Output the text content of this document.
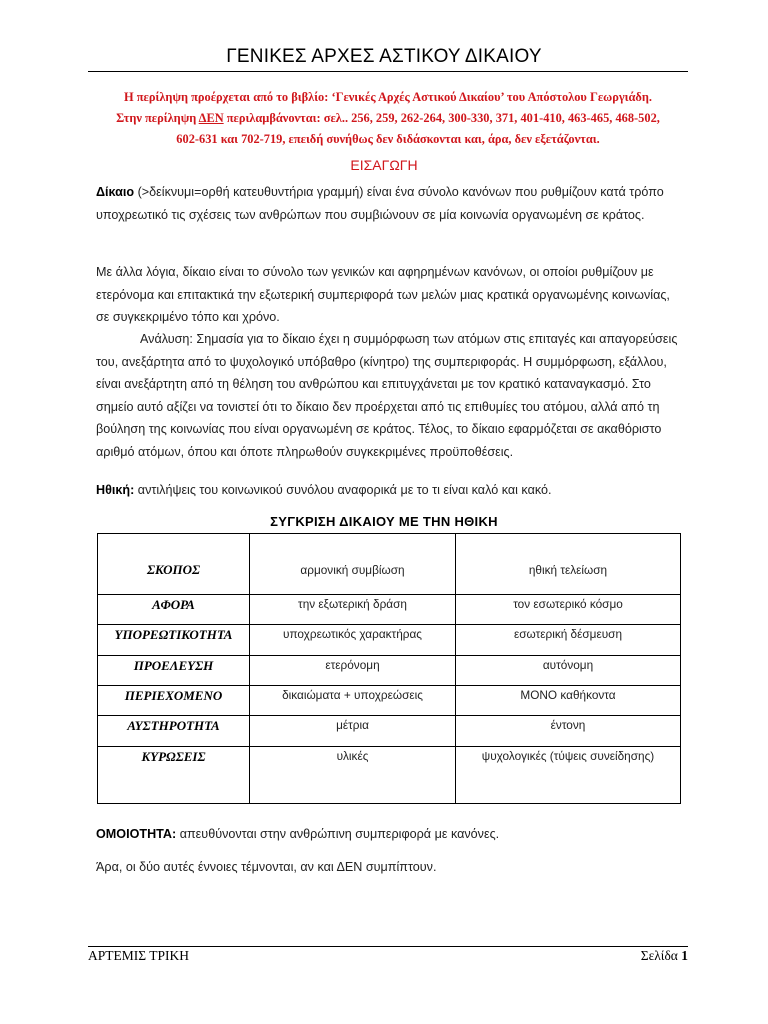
ΓΕΝΙΚΕΣ ΑΡΧΕΣ ΑΣΤΙΚΟΥ ΔΙΚΑΙΟΥ
Η περίληψη προέρχεται από το βιβλίο: ‘Γενικές Αρχές Αστικού Δικαίου’ του Απόστολου Γεωργιάδη.
Στην περίληψη ΔΕΝ περιλαμβάνονται: σελ.. 256, 259, 262-264, 300-330, 371, 401-410, 463-465, 468-502,
602-631 και 702-719, επειδή συνήθως δεν διδάσκονται και, άρα, δεν εξετάζονται.
ΕΙΣΑΓΩΓΗ
Δίκαιο (>δείκνυμι=ορθή κατευθυντήρια γραμμή) είναι ένα σύνολο κανόνων που ρυθμίζουν κατά τρόπο υποχρεωτικό τις σχέσεις των ανθρώπων που συμβιώνουν σε μία κοινωνία οργανωμένη σε κράτος.
Με άλλα λόγια, δίκαιο είναι το σύνολο των γενικών και αφηρημένων κανόνων, οι οποίοι ρυθμίζουν με ετερόνομα και επιτακτικά την εξωτερική συμπεριφορά των μελών μιας κρατικά οργανωμένης κοινωνίας, σε συγκεκριμένο τόπο και χρόνο.
Ανάλυση: Σημασία για το δίκαιο έχει η συμμόρφωση των ατόμων στις επιταγές και απαγορεύσεις του, ανεξάρτητα από το ψυχολογικό υπόβαθρο (κίνητρο) της συμπεριφοράς. Η συμμόρφωση, εξάλλου, είναι ανεξάρτητη από τη θέληση του ανθρώπου και επιτυγχάνεται με τον κρατικό καταναγκασμό. Στο σημείο αυτό αξίζει να τονιστεί ότι το δίκαιο δεν προέρχεται από τις επιθυμίες του ατόμου, αλλά από τη βούληση της κοινωνίας που είναι οργανωμένη σε κράτος. Τέλος, το δίκαιο εφαρμόζεται σε ακαθόριστο αριθμό ατόμων, όπου και όποτε πληρωθούν συγκεκριμένες προϋποθέσεις.
Ηθική: αντιλήψεις του κοινωνικού συνόλου αναφορικά με το τι είναι καλό και κακό.
ΣΥΓΚΡΙΣΗ ΔΙΚΑΙΟΥ ΜΕ ΤΗΝ ΗΘΙΚΗ
ΣΚΟΠΟΣ	αρμονική συμβίωση	ηθική τελείωση
ΑΦΟΡΑ	την εξωτερική δράση	τον εσωτερικό κόσμο
ΥΠΟΡΕΩΤΙΚΟΤΗΤΑ	υποχρεωτικός χαρακτήρας	εσωτερική δέσμευση
ΠΡΟΕΛΕΥΣΗ	ετερόνομη	αυτόνομη
ΠΕΡΙΕΧΟΜΕΝΟ	δικαιώματα + υποχρεώσεις	ΜΟΝΟ καθήκοντα
ΑΥΣΤΗΡΟΤΗΤΑ	μέτρια	έντονη
ΚΥΡΩΣΕΙΣ	υλικές	ψυχολογικές (τύψεις συνείδησης)
ΟΜΟΙΟΤΗΤΑ: απευθύνονται στην ανθρώπινη συμπεριφορά με κανόνες.
Άρα, οι δύο αυτές έννοιες τέμνονται, αν και ΔΕΝ συμπίπτουν.
ΑΡΤΕΜΙΣ ΤΡΙΚΗ	Σελίδα 1
